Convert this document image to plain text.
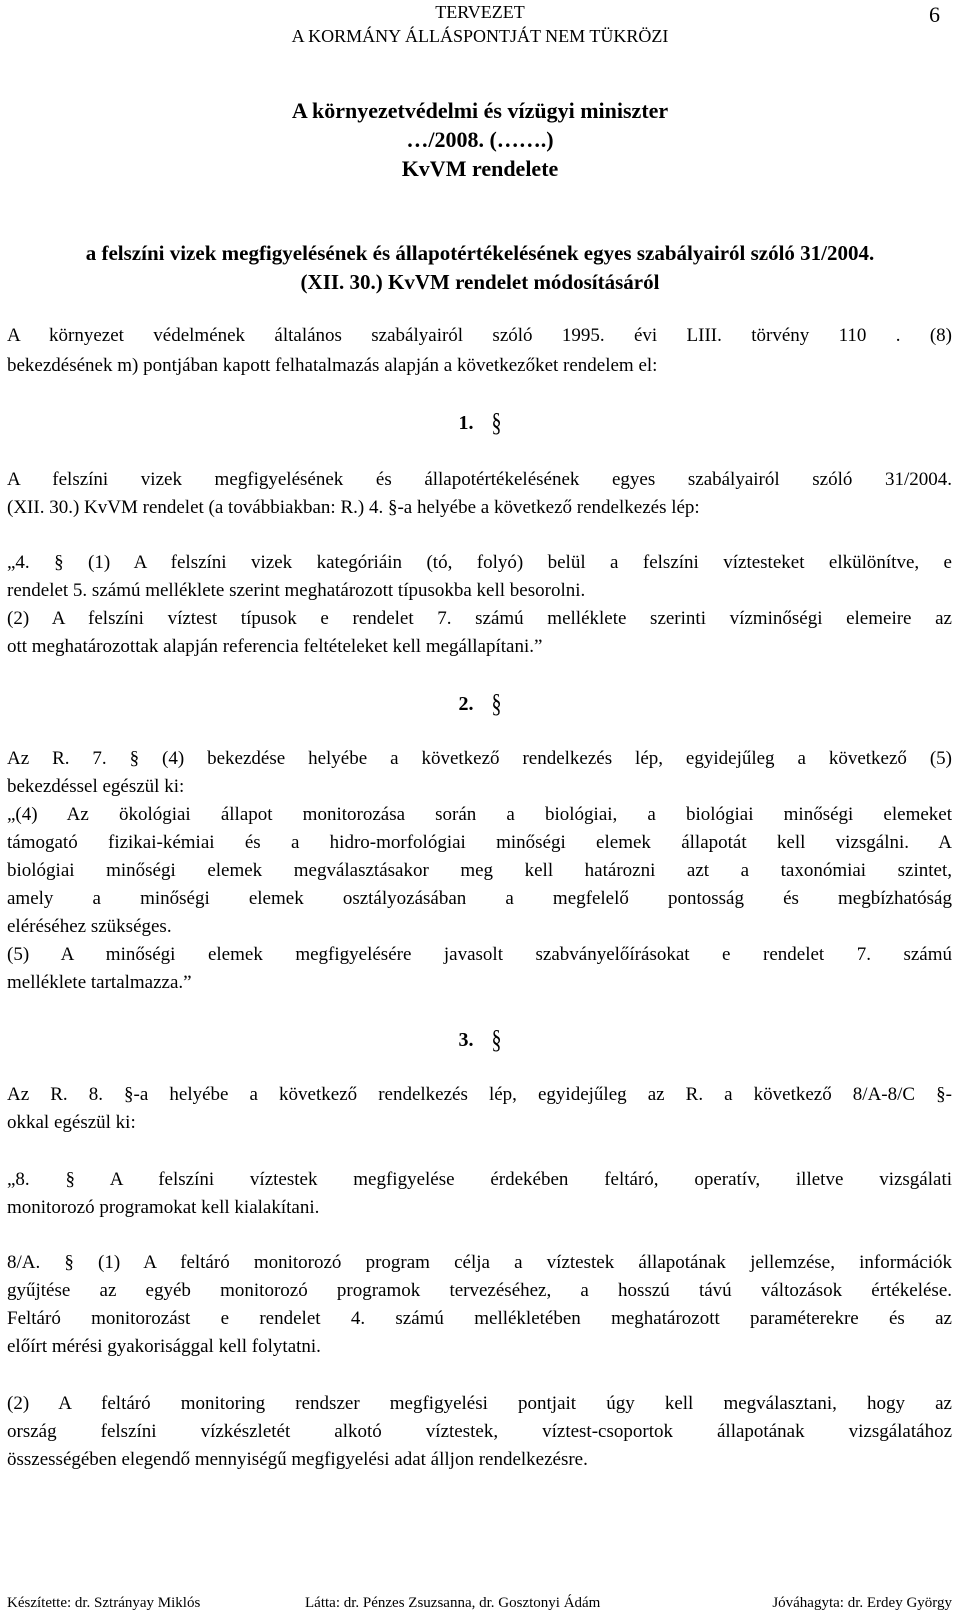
TERVEZET
A KORMÁNY ÁLLÁSPONTJÁT NEM TÜKRÖZI
6
A környezetvédelmi és vízügyi miniszter
…/2008. (…….)
KvVM rendelete
a felszíni vizek megfigyelésének és állapotértékelésének egyes szabályairól szóló 31/2004.
(XII. 30.) KvVM rendelet módosításáról
A környezet védelmének általános szabályairól szóló 1995. évi LIII. törvény 110 . (8)
bekezdésének m) pontjában kapott felhatalmazás alapján a következőket rendelem el:
1. §
A felszíni vizek megfigyelésének és állapotértékelésének egyes szabályairól szóló 31/2004.
(XII. 30.) KvVM rendelet (a továbbiakban: R.) 4. §-a helyébe a következő rendelkezés lép:
„4. § (1) A felszíni vizek kategóriáin (tó, folyó) belül a felszíni víztesteket elkülönítve, e
rendelet 5. számú melléklete szerint meghatározott típusokba kell besorolni.
(2) A felszíni víztest típusok e rendelet 7. számú melléklete szerinti vízminőségi elemeire az
ott meghatározottak alapján referencia feltételeket kell megállapítani.”
2. §
Az R. 7. § (4) bekezdése helyébe a következő rendelkezés lép, egyidejűleg a következő (5)
bekezdéssel egészül ki:
„(4) Az ökológiai állapot monitorozása során a biológiai, a biológiai minőségi elemeket
támogató fizikai-kémiai és a hidro-morfológiai minőségi elemek állapotát kell vizsgálni. A
biológiai minőségi elemek megválasztásakor meg kell határozni azt a taxonómiai szintet,
amely a minőségi elemek osztályozásában a megfelelő pontosság és megbízhatóság
eléréséhez szükséges.
(5) A minőségi elemek megfigyelésére javasolt szabványelőírásokat e rendelet 7. számú
melléklete tartalmazza.”
3. §
Az R. 8. §-a helyébe a következő rendelkezés lép, egyidejűleg az R. a következő 8/A-8/C §-
okkal egészül ki:
„8. § A felszíni víztestek megfigyelése érdekében feltáró, operatív, illetve vizsgálati
monitorozó programokat kell kialakítani.
8/A. § (1) A feltáró monitorozó program célja a víztestek állapotának jellemzése, információk
gyűjtése az egyéb monitorozó programok tervezéséhez, a hosszú távú változások értékelése.
Feltáró monitorozást e rendelet 4. számú mellékletében meghatározott paraméterekre és az
előírt mérési gyakorisággal kell folytatni.
(2) A feltáró monitoring rendszer megfigyelési pontjait úgy kell megválasztani, hogy az
ország felszíni vízkészletét alkotó víztestek, víztest-csoportok állapotának vizsgálatához
összességében elegendő mennyiségű megfigyelési adat álljon rendelkezésre.
Készítette: dr. Sztrányay Miklós	Látta: dr. Pénzes Zsuzsanna, dr. Gosztonyi Ádám	Jóváhagyta: dr. Erdey György
